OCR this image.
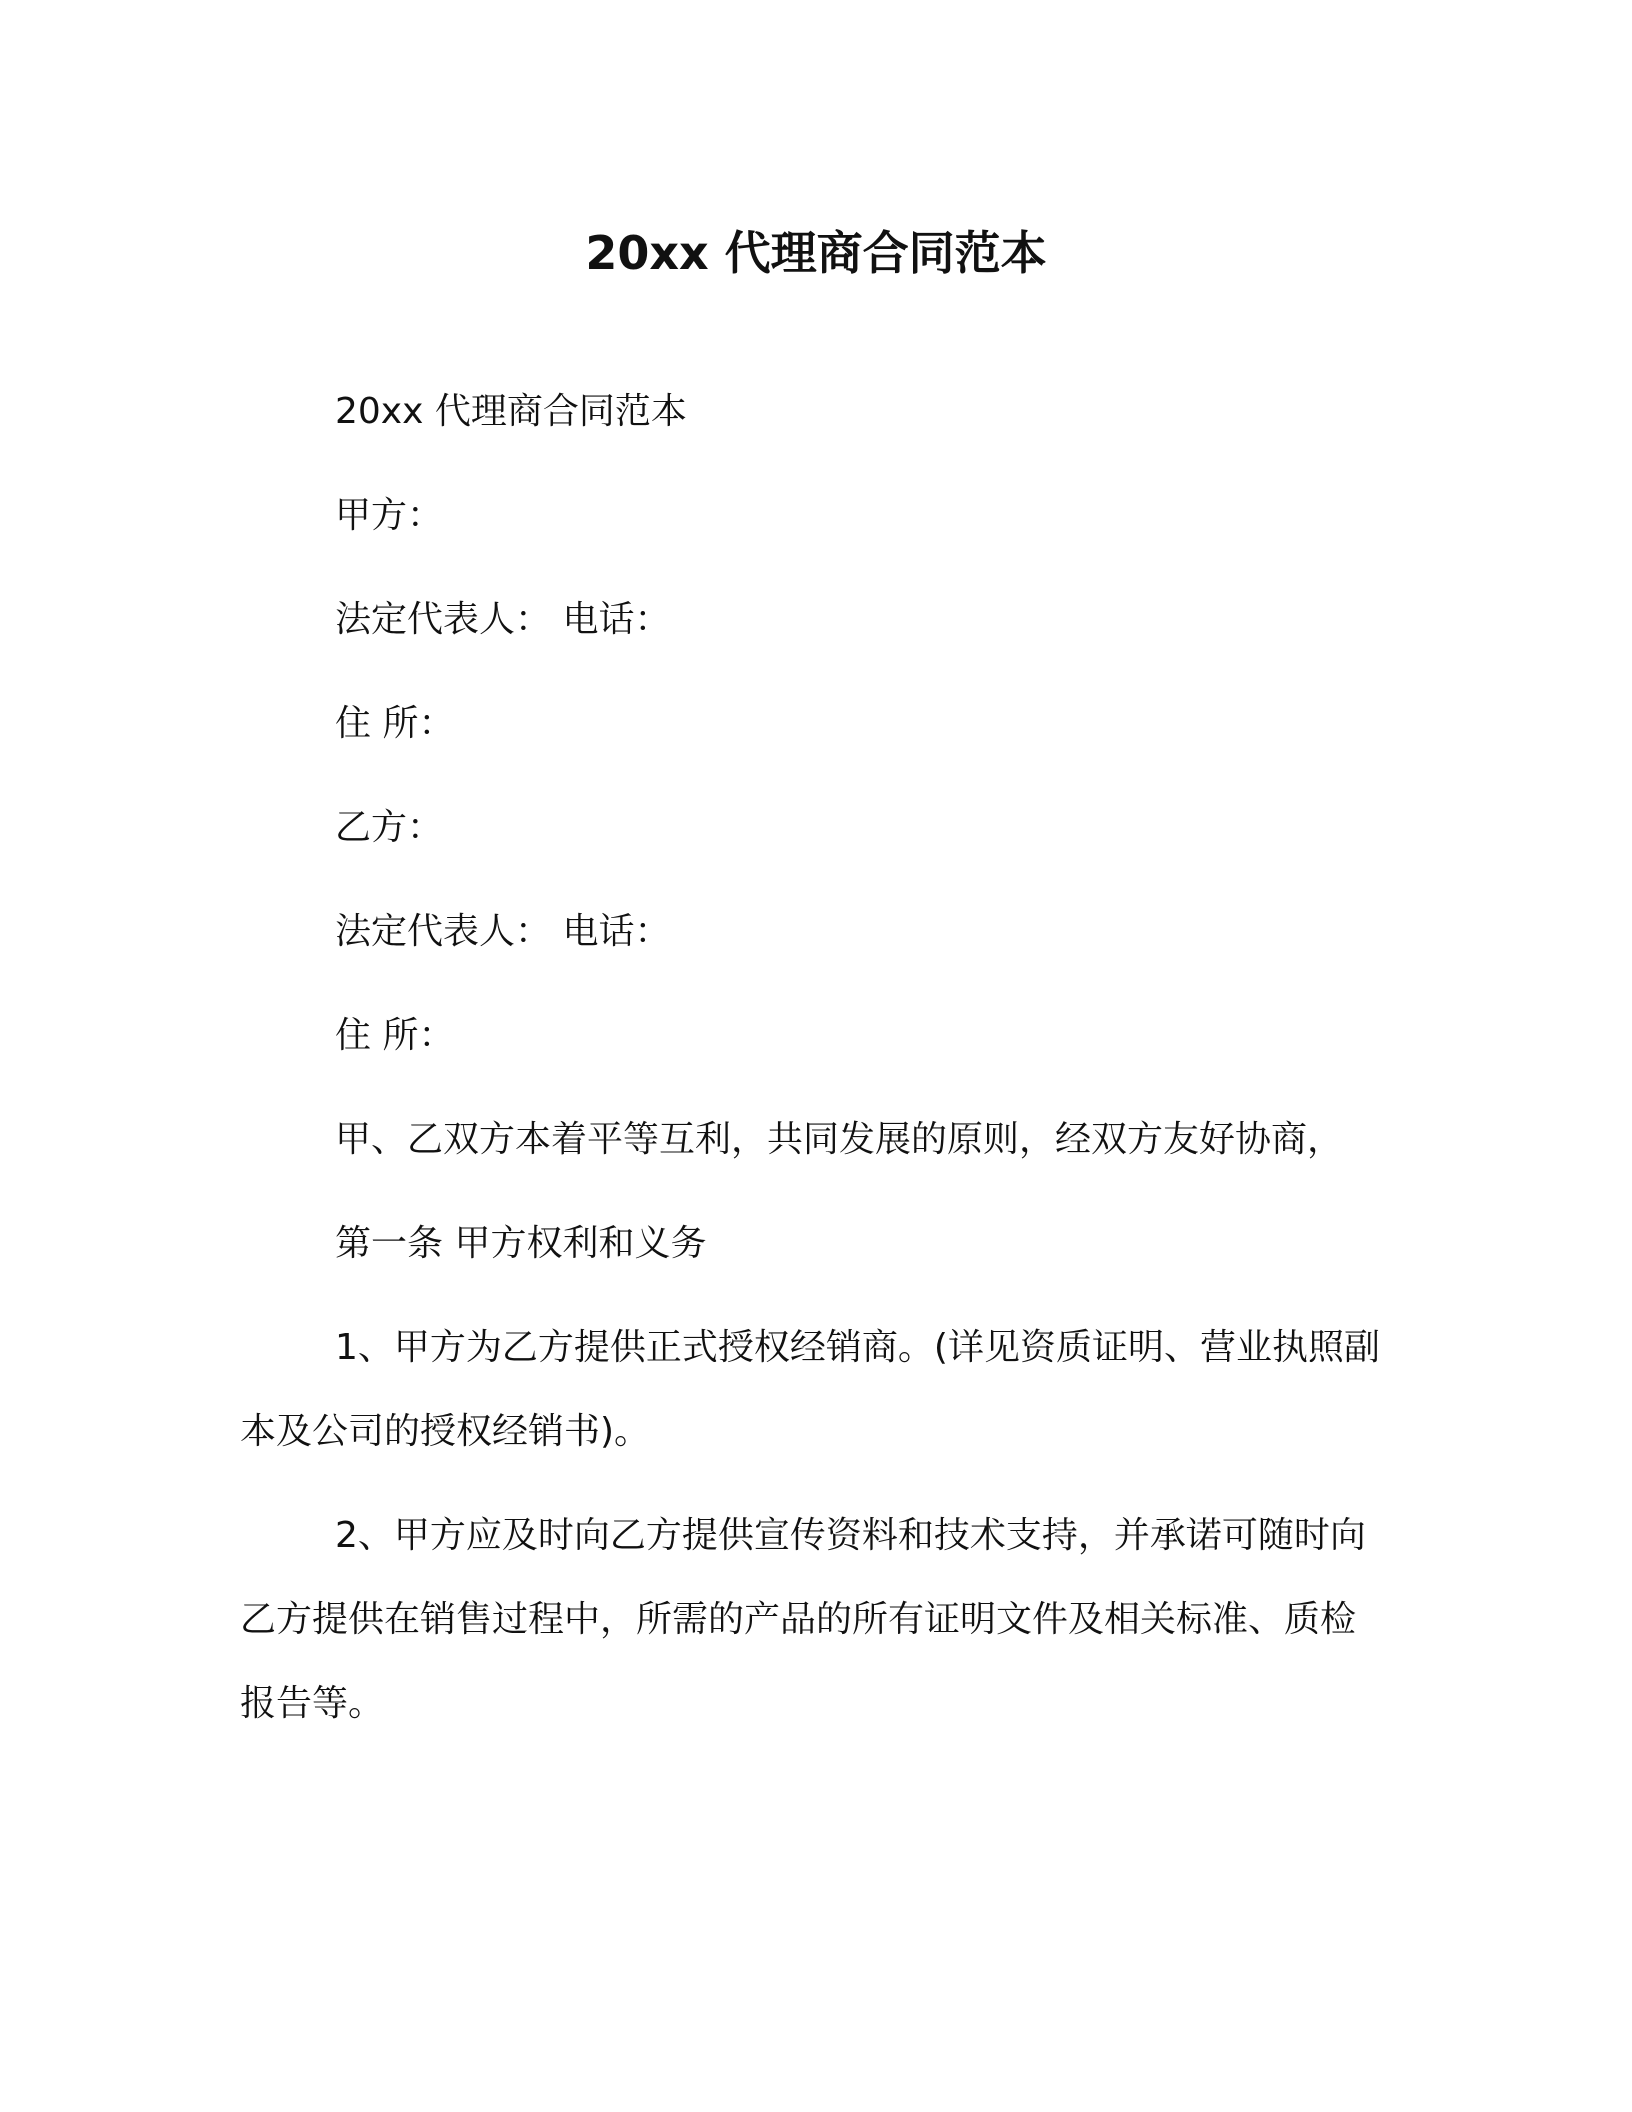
20xx 代理商合同范本

20xx 代理商合同范本

甲方：

法定代表人： 电话：

住 所：

乙方：

法定代表人： 电话：

住 所：

甲、乙双方本着平等互利，共同发展的原则，经双方友好协商，

第一条 甲方权利和义务

1、甲方为乙方提供正式授权经销商。(详见资质证明、营业执照副本及公司的授权经销书)。

2、甲方应及时向乙方提供宣传资料和技术支持，并承诺可随时向乙方提供在销售过程中，所需的产品的所有证明文件及相关标准、质检报告等。
